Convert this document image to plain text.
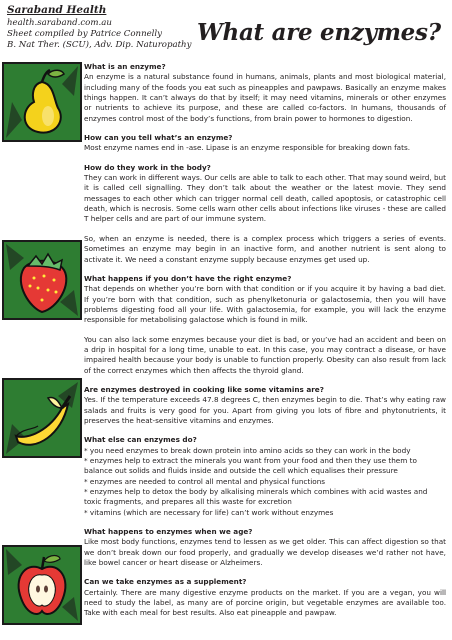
Saraband Health
health.saraband.com.au
Sheet compiled by Patrice Connelly
B. Nat Ther. (SCU), Adv. Dip. Naturopathy What are enzymes?
What is an enzyme?

An enzyme is a natural substance found in humans, animals, plants and most biological material, including many of the foods you eat such as pineapples and pawpaws. Basically an enzyme makes things happen. It can’t always do that by itself; it may need vitamins, minerals or other enzymes or nutrients to achieve its purpose, and these are called co-factors. In humans, thousands of enzymes control most of the body’s functions, from brain power to hormones to digestion.

How can you tell what’s an enzyme?

Most enzyme names end in -ase. Lipase is an enzyme responsible for breaking down fats.

How do they work in the body?

They can work in different ways. Our cells are able to talk to each other. That may sound weird, but it is called cell signalling. They don’t talk about the weather or the latest movie. They send messages to each other which can trigger normal cell death, called apoptosis, or catastrophic cell death, which is necrosis. Some cells warn other cells about infections like viruses - these are called T helper cells and are part of our immune system.

So, when an enzyme is needed, there is a complex process which triggers a series of events. Sometimes an enzyme may begin in an inactive form, and another nutrient is sent along to activate it. We need a constant enzyme supply because enzymes get used up.

What happens if you don’t have the right enzyme?

That depends on whether you’re born with that condition or if you acquire it by having a bad diet. If you’re born with that condition, such as phenylketonuria or galactosemia, then you will have problems digesting food all your life. With galactosemia, for example, you will lack the enzyme responsible for metabolising galactose which is found in milk.

You can also lack some enzymes because your diet is bad, or you’ve had an accident and been on a drip in hospital for a long time, unable to eat. In this case, you may contract a disease, or have impaired health because your body is unable to function properly. Obesity can also result from lack of the correct enzymes which then affects the thyroid gland.

Are enzymes destroyed in cooking like some vitamins are?

Yes. If the temperature exceeds 47.8 degrees C, then enzymes begin to die. That’s why eating raw salads and fruits is very good for you. Apart from giving you lots of fibre and phytonutrients, it preserves the heat-sensitive vitamins and enzymes.

What else can enzymes do?
* you need enzymes to break down protein into amino acids so they can work in the body
* enzymes help to extract the minerals you want from your food and then they use them to balance out solids and fluids inside and outside the cell which equalises their pressure
* enzymes are needed to control all mental and physical functions
* enzymes help to detox the body by alkalising minerals which combines with acid wastes and toxic fragments, and prepares all this waste for excretion
* vitamins (which are necessary for life) can’t work without enzymes
What happens to enzymes when we age?

Like most body functions, enzymes tend to lessen as we get older. This can affect digestion so that we don’t break down our food properly, and gradually we develop diseases we’d rather not have, like bowel cancer or heart disease or Alzheimers.

Can we take enzymes as a supplement?

Certainly. There are many digestive enzyme products on the market. If you are a vegan, you will need to study the label, as many are of porcine origin, but vegetable enzymes are available too. Take with each meal for best results. Also eat pineapple and pawpaw.
